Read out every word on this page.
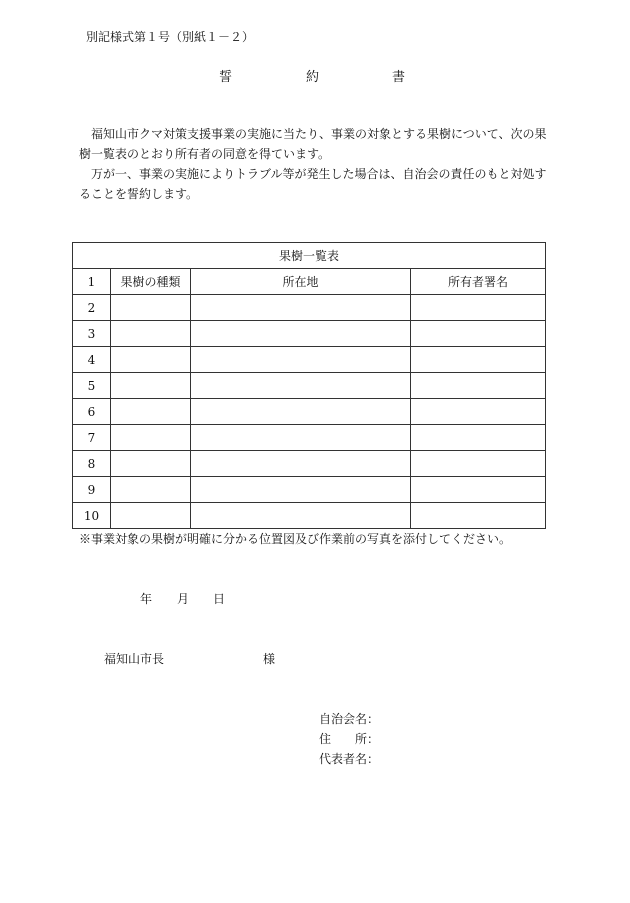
別記様式第１号（別紙１－２）
誓	約	書
　福知山市クマ対策支援事業の実施に当たり、事業の対象とする果樹について、次の果
樹一覧表のとおり所有者の同意を得ています。
　万が一、事業の実施によりトラブル等が発生した場合は、自治会の責任のもと対処す
ることを誓約します。
果樹一覧表			
1	果樹の種類	所在地	所有者署名
2			
3			
4			
5			
6			
7			
8			
9			
10			
※事業対象の果樹が明確に分かる位置図及び作業前の写真を添付してください。
年 月 日
福知山市長	様
自治会名：
住 所：
代表者名：
